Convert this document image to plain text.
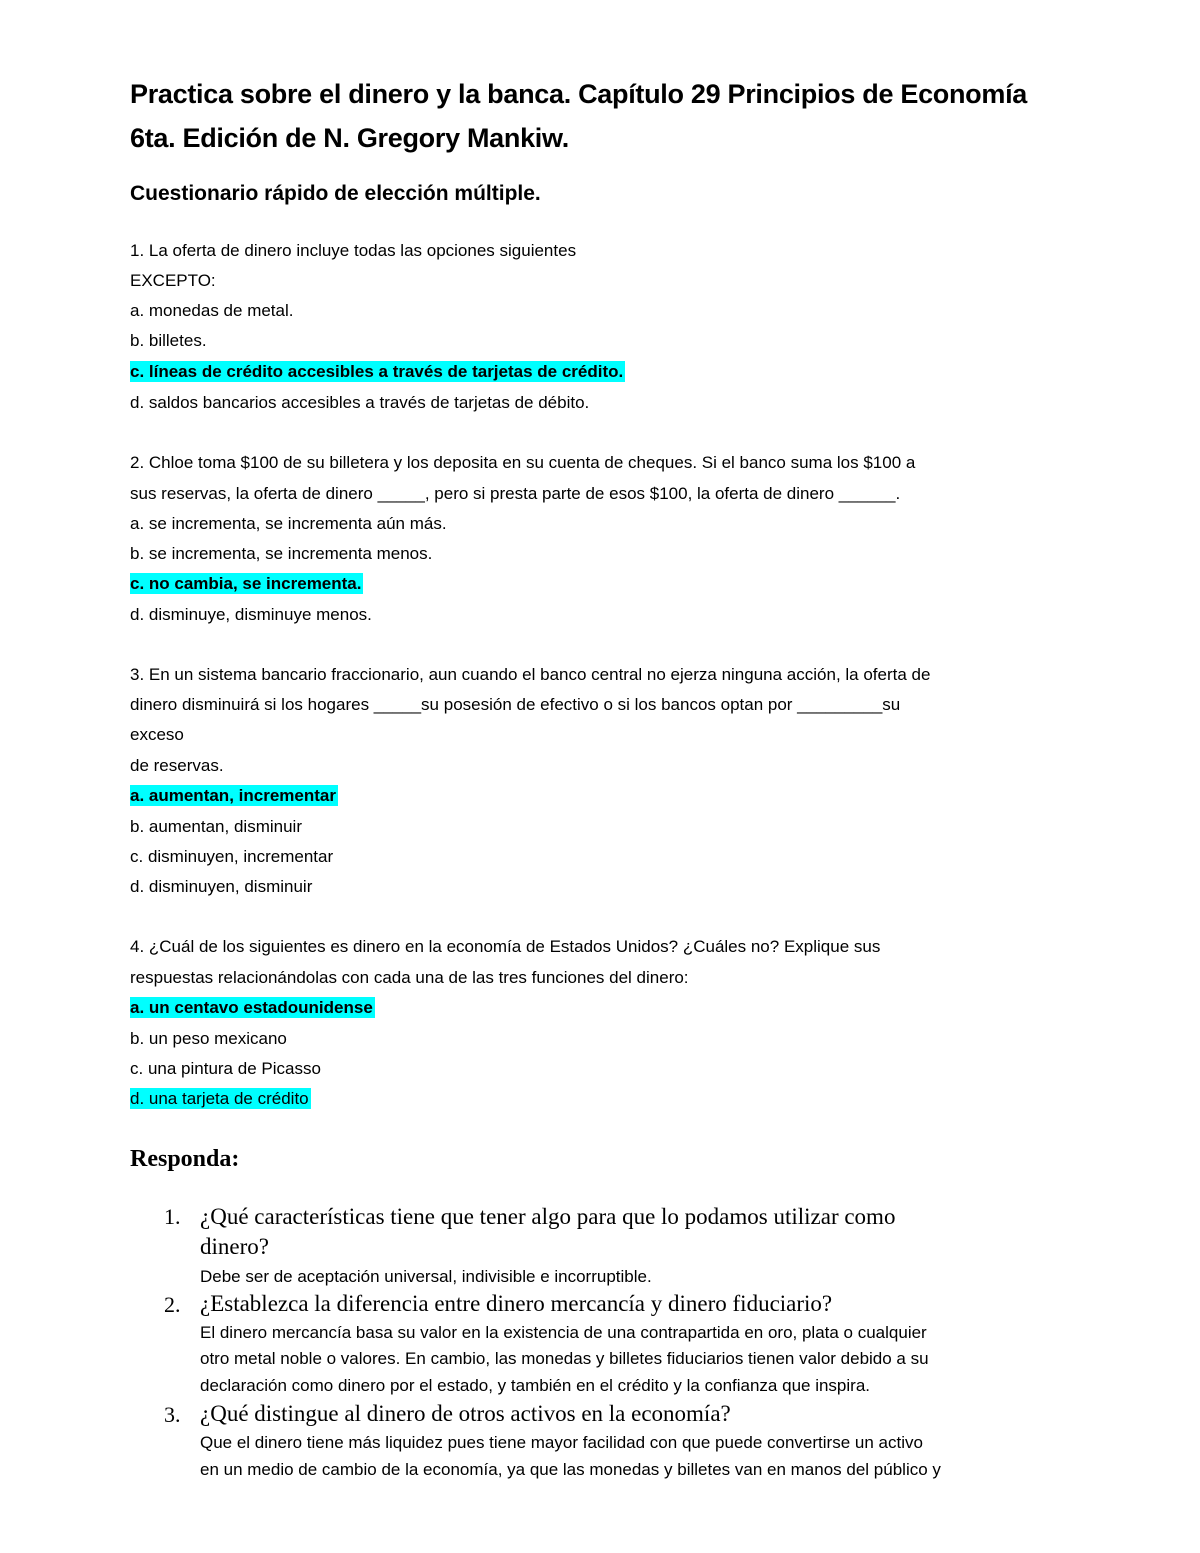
Practica sobre el dinero y la banca. Capítulo 29 Principios de Economía
6ta. Edición de N. Gregory Mankiw.
Cuestionario rápido de elección múltiple.
1. La oferta de dinero incluye todas las opciones siguientes
EXCEPTO:
a. monedas de metal.
b. billetes.
c. líneas de crédito accesibles a través de tarjetas de crédito.
d. saldos bancarios accesibles a través de tarjetas de débito.
2. Chloe toma $100 de su billetera y los deposita en su cuenta de cheques. Si el banco suma los $100 a
sus reservas, la oferta de dinero _____, pero si presta parte de esos $100, la oferta de dinero ______.
a. se incrementa, se incrementa aún más.
b. se incrementa, se incrementa menos.
c. no cambia, se incrementa.
d. disminuye, disminuye menos.
3. En un sistema bancario fraccionario, aun cuando el banco central no ejerza ninguna acción, la oferta de
dinero disminuirá si los hogares _____su posesión de efectivo o si los bancos optan por _________su
exceso
de reservas.
a. aumentan, incrementar
b. aumentan, disminuir
c. disminuyen, incrementar
d. disminuyen, disminuir
4. ¿Cuál de los siguientes es dinero en la economía de Estados Unidos? ¿Cuáles no? Explique sus
respuestas relacionándolas con cada una de las tres funciones del dinero:
a. un centavo estadounidense
b. un peso mexicano
c. una pintura de Picasso
d. una tarjeta de crédito
Responda:
1. ¿Qué características tiene que tener algo para que lo podamos utilizar como
dinero?
Debe ser de aceptación universal, indivisible e incorruptible.
2. ¿Establezca la diferencia entre dinero mercancía y dinero fiduciario?
El dinero mercancía basa su valor en la existencia de una contrapartida en oro, plata o cualquier
otro metal noble o valores. En cambio, las monedas y billetes fiduciarios tienen valor debido a su
declaración como dinero por el estado, y también en el crédito y la confianza que inspira.
3. ¿Qué distingue al dinero de otros activos en la economía?
Que el dinero tiene más liquidez pues tiene mayor facilidad con que puede convertirse un activo
en un medio de cambio de la economía, ya que las monedas y billetes van en manos del público y
